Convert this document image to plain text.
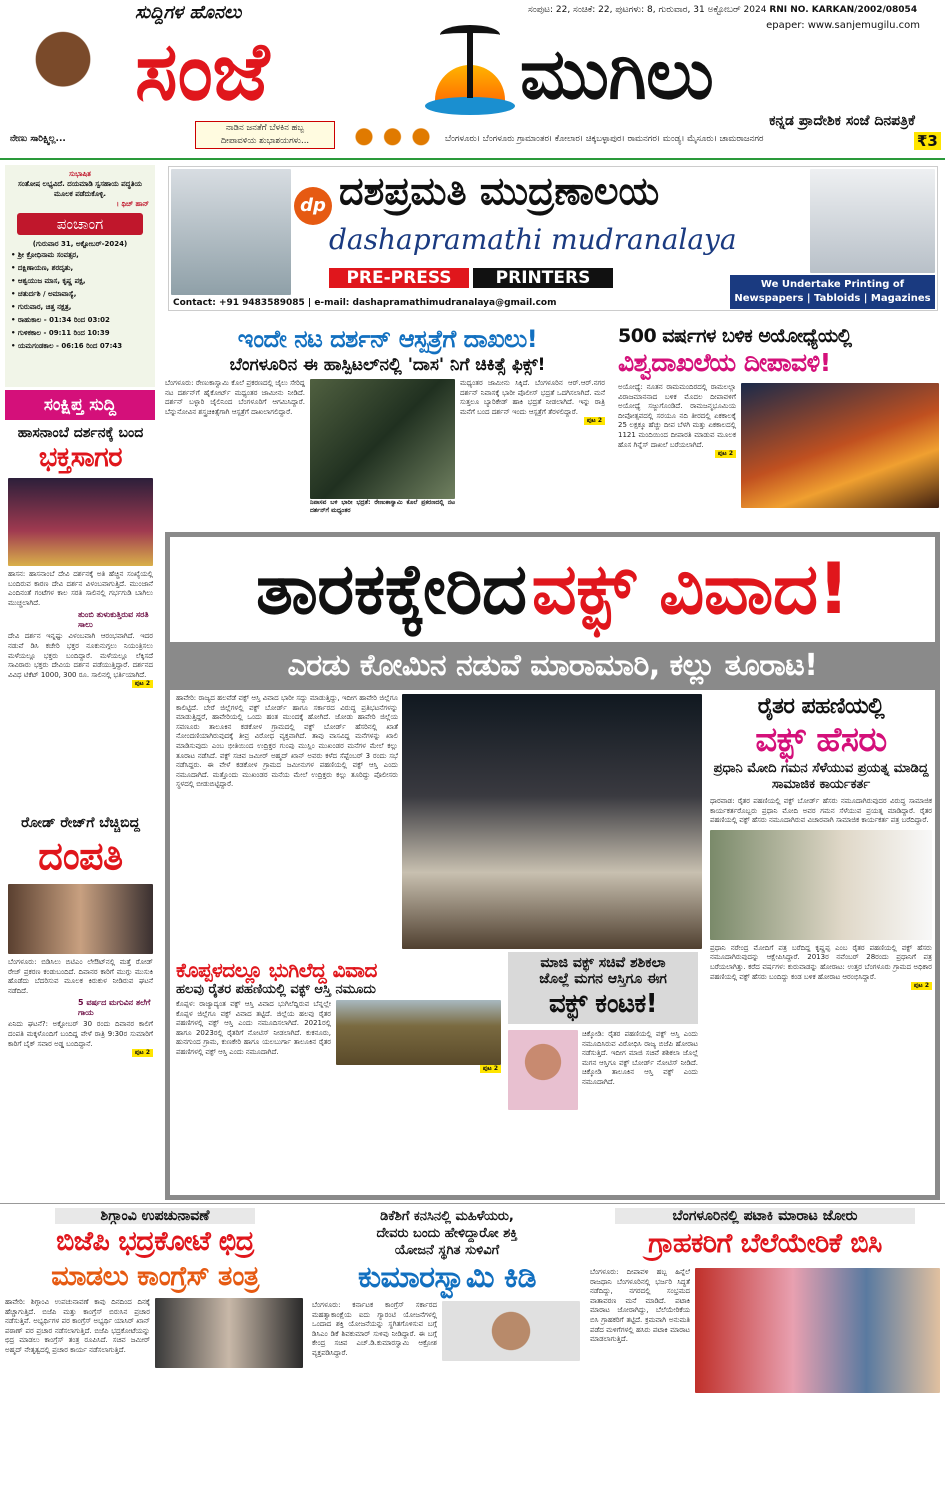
ನೇಣು ಸಾರಿಕ್ಷ್ವಿಲ್ಲ...
ಸುದ್ದಿಗಳ ಹೊನಲು
ಸಂಜೆ	ಮುಗಿಲು
ಸಂಪುಟ: 22, ಸಂಚಿಕೆ: 22, ಪುಟಗಳು: 8, ಗುರುವಾರ, 31 ಅಕ್ಟೋಬರ್ 2024 RNI NO. KARKAN/2002/08054
epaper: www.sanjemugilu.com
ನಾಡಿನ ಜನತೆಗೆ ಬೆಳಕಿನ ಹಬ್ಬ
ದೀಪಾವಳಿಯ ಶುಭಾಶಯಗಳು...
ಕನ್ನಡ ಪ್ರಾದೇಶಿಕ ಸಂಜೆ ದಿನಪತ್ರಿಕೆ
ಬೆಂಗಳೂರು। ಬೆಂಗಳೂರು ಗ್ರಾಮಾಂತರ। ಕೋಲಾರ। ಚಿಕ್ಕಬಳ್ಳಾಪುರ। ರಾಮನಗರ। ಮಂಡ್ಯ। ಮೈಸೂರು। ಚಾಮರಾಜನಗರ	₹3
ಸುಭಾಷಿತ
ಸಂತೋಷ ಲಭ್ಯವಿದೆ. ದಯಮಾಡಿ ಸ್ವಸಹಾಯ ಪದ್ಧತಿಯ ಮೂಲಕ ಪಡೆದುಕೊಳ್ಳಿ.
। ಥಿಚ್ ಹಾನ್
ಪಂಚಾಂಗ
(ಗುರುವಾರ 31, ಅಕ್ಟೋಬರ್-2024)
• ಶ್ರೀ ಕ್ರೋಧಿನಾಮ ಸಂವತ್ಸರ,
• ದಕ್ಷಿಣಾಯಣ, ಶರದೃತು,
• ಆಶ್ವಯುಜ ಮಾಸ, ಕೃಷ್ಣ ಪಕ್ಷ,
• ಚತುರ್ದಶಿ / ಅಮಾವಾಸ್ಯೆ,
• ಗುರುವಾರ, ಚಿತ್ತ ನಕ್ಷತ್ರ,
• ರಾಹುಕಾಲ - 01:34 ರಿಂದ 03:02
• ಗುಳಿಕಕಾಲ - 09:11 ರಿಂದ 10:39
• ಯಮಗಂಡಕಾಲ - 06:16 ರಿಂದ 07:43
ಸಂಕ್ಷಿಪ್ತ ಸುದ್ದಿ
ಹಾಸನಾಂಬೆ ದರ್ಶನಕ್ಕೆ ಬಂದ
ಭಕ್ತಸಾಗರ
ಹಾಸನ: ಹಾಸನಾಂಬೆ ದೇವಿ ದರ್ಶನಕ್ಕೆ ಅತಿ ಹೆಚ್ಚಿನ ಸಂಖ್ಯೆಯಲ್ಲಿ ಬಂದಿರುವ ಕಾರಣ ದೇವಿ ದರ್ಶನ ವಿಳಂಬವಾಗುತ್ತಿದೆ. ಮುಂಜಾನೆ ಎಂದಿನಂತೆ ಗಂಟೆಗಳ ಕಾಲ ಸರತಿ ಸಾಲಿನಲ್ಲಿ ಗರ್ಭಗುಡಿ ಬಾಗಿಲು ಮುಚ್ಚಲಾಗಿದೆ.
ತುಂಬಿ ತುಳುಕುತ್ತಿರುವ ಸರತಿ ಸಾಲು
ದೇವಿ ದರ್ಶನ ಇನ್ನಷ್ಟು ವಿಳಂಬವಾಗಿ ಆರಂಭವಾಗಿದೆ. ಇದರ ನಡುವೆ ಡಿಸಿ ಕಚೇರಿ ಭಕ್ತರ ನೂಕುನುಗ್ಗಲು ನಿಯಂತ್ರಿಸಲು ಮಳೆಯಲ್ಲೂ ಭಕ್ತರು ಬಂದಿದ್ದಾರೆ. ಮಳೆಯಲ್ಲೂ ಲೆಕ್ಕಿಸದೆ ಸಾವಿರಾರು ಭಕ್ತರು ದೇವಿಯ ದರ್ಶನ ಪಡೆಯುತ್ತಿದ್ದಾರೆ. ದರ್ಶನದ ವಿವಿಧ ಟಿಕೆಟ್ 1000, 300 ರೂ. ಸಾಲಿನಲ್ಲಿ ಭರ್ತಿಯಾಗಿದೆ.
ಪುಟ 2
ರೋಡ್ ರೇಜ್‌ಗೆ ಬೆಚ್ಚಿಬಿದ್ದ
ದಂಪತಿ
ಬೆಂಗಳೂರು: ಬಿಡಿಸಿಲು ಬಿಟಿಎಂ ಲೇಔಟ್‌ನಲ್ಲಿ ಮತ್ತೆ ರೋಡ್ ರೇಜ್ ಪ್ರಕರಣ ಕಂಡುಬಂದಿದೆ. ದಿವಾನರ ಕಾರಿಗೆ ಮುಗ್ಗು ಮುಸುಕಿ ಹೊಡೆದು ಬೆದರಿಸುವ ಮೂಲಕ ಕಿರುಕುಳ ನೀಡಿರುವ ಘಟನೆ ನಡೆದಿದೆ.
5 ವರ್ಷದ ಮಗುವಿನ ತಲೆಗೆ ಗಾಯ
ಏನಿದು ಘಟನೆ?: ಅಕ್ಟೋಬರ್ 30 ರಂದು ದಿವಾನರ ಕಾಲಿಗೆ ದಂಪತಿ ಮಕ್ಕಳೊಂದಿಗೆ ಬಂದಿದ್ದ ವೇಳೆ ರಾತ್ರಿ 9:30ರ ಸುಮಾರಿಗೆ ಕಾರಿಗೆ ಬೈಕ್ ಸವಾರ ಅಡ್ಡ ಬಂದಿದ್ದಾನೆ.
ಪುಟ 2
dp ದಶಪ್ರಮತಿ ಮುದ್ರಣಾಲಯ
dashapramathi mudranalaya
PRE-PRESS	PRINTERS
Contact: +91 9483589085 | e-mail: dashapramathimudranalaya@gmail.com
We Undertake Printing of
Newspapers | Tabloids | Magazines
ಇಂದೇ ನಟ ದರ್ಶನ್ ಆಸ್ಪತ್ರೆಗೆ ದಾಖಲು!
ಬೆಂಗಳೂರಿನ ಈ ಹಾಸ್ಪಿಟಲ್‌ನಲ್ಲಿ 'ದಾಸ' ನಿಗೆ ಚಿಕಿತ್ಸೆ ಫಿಕ್ಸ್!
ಬೆಂಗಳೂರು: ರೇಣುಕಾಸ್ವಾಮಿ ಕೊಲೆ ಪ್ರಕರಣದಲ್ಲಿ ಜೈಲು ಸೇರಿದ್ದ ನಟ ದರ್ಶನ್‌ಗೆ ಹೈಕೋರ್ಟ್ ಮಧ್ಯಂತರ ಜಾಮೀನು ನೀಡಿದೆ. ದರ್ಶನ್ ಬಳ್ಳಾರಿ ಜೈಲಿನಿಂದ ಬೆಂಗಳೂರಿಗೆ ಆಗಮಿಸಿದ್ದಾರೆ. ಬೆನ್ನುನೋವಿನ ಶಸ್ತ್ರಚಿಕಿತ್ಸೆಗಾಗಿ ಆಸ್ಪತ್ರೆಗೆ ದಾಖಲಾಗಲಿದ್ದಾರೆ.
ನಿಪಾಸವ ಬಳಿ ಭಾರೀ ಭದ್ರತೆ: ರೇಣುಕಾಸ್ವಾಮಿ ಕೊಲೆ ಪ್ರಕರಣದಲ್ಲಿ ನಟ ದರ್ಶನ್‌ಗೆ ಮಧ್ಯಂತರ
ಮಧ್ಯಂತರ ಜಾಮೀನು ಸಿಕ್ಕಿದೆ. ಬೆಂಗಳೂರಿನ ಆರ್.ಆರ್.ನಗರ ದರ್ಶನ್ ನಿವಾಸಕ್ಕೆ ಭಾರೀ ಪೊಲೀಸ್ ಭದ್ರತೆ ಒದಗಿಸಲಾಗಿದೆ. ಮನೆ ಸುತ್ತಲೂ ಬ್ಯಾರಿಕೇಡ್ ಹಾಕಿ ಭದ್ರತೆ ನೀಡಲಾಗಿದೆ. ಇನ್ನು ರಾತ್ರಿ ಮನೆಗೆ ಬಂದ ದರ್ಶನ್ ಇಂದು ಆಸ್ಪತ್ರೆಗೆ ತೆರಳಲಿದ್ದಾರೆ.
ಪುಟ 2
500 ವರ್ಷಗಳ ಬಳಿಕ ಅಯೋಧ್ಯೆಯಲ್ಲಿ
ವಿಶ್ವದಾಖಲೆಯ ದೀಪಾವಳಿ!
ಅಯೋಧ್ಯೆ: ನೂತನ ರಾಮಮಂದಿರದಲ್ಲಿ ರಾಮಲಲ್ಲಾ ವಿರಾಜಮಾನನಾದ ಬಳಿಕ ಮೊದಲ ದೀಪಾವಳಿಗೆ ಅಯೋಧ್ಯೆ ಸಜ್ಜುಗೊಂಡಿದೆ. ರಾಮಜನ್ಮಭೂಮಿಯ ದೀಪೋತ್ಸವದಲ್ಲಿ ಸರಯೂ ನದಿ ತೀರದಲ್ಲಿ ಏಕಕಾಲಕ್ಕೆ 25 ಲಕ್ಷಕ್ಕೂ ಹೆಚ್ಚು ದೀಪ ಬೆಳಗಿ ಮತ್ತು ಏಕಕಾಲದಲ್ಲಿ 1121 ಮಂದಿಯಿಂದ ದೀಪಾರತಿ ಮಾಡುವ ಮೂಲಕ ಹೊಸ ಗಿನ್ನೆಸ್ ದಾಖಲೆ ಬರೆಯಲಾಗಿದೆ.
ಪುಟ 2
ತಾರಕಕ್ಕೇರಿದ ವಕ್ಫ್ ವಿವಾದ!
ಎರಡು ಕೋಮಿನ ನಡುವೆ ಮಾರಾಮಾರಿ, ಕಲ್ಲು ತೂರಾಟ!
ಹಾವೇರಿ: ರಾಜ್ಯದ ಹಲವೆಡೆ ವಕ್ಫ್ ಆಸ್ತಿ ವಿವಾದ ಭಾರೀ ಸದ್ದು ಮಾಡುತ್ತಿದ್ದು, ಇದೀಗ ಹಾವೇರಿ ಜಿಲ್ಲೆಗೂ ಕಾಲಿಟ್ಟಿದೆ. ಬೇರೆ ಜಿಲ್ಲೆಗಳಲ್ಲಿ ವಕ್ಫ್ ಬೋರ್ಡ್ ಹಾಗೂ ಸರ್ಕಾರದ ವಿರುದ್ಧ ಪ್ರತಿಭಟನೆಗಳನ್ನು ಮಾಡುತ್ತಿದ್ದರೆ, ಹಾವೇರಿಯಲ್ಲಿ ಒಂದು ಹಂತ ಮುಂದಕ್ಕೆ ಹೋಗಿದೆ. ಜೋಡು ಹಾವೇರಿ ಜಿಲ್ಲೆಯ ಸವಣೂರು ತಾಲೂಕಿನ ಕಡಕೋಳ ಗ್ರಾಮದಲ್ಲಿ ವಕ್ಫ್ ಬೋರ್ಡ್ ಹೆಸರಿನಲ್ಲಿ ಖಾತೆ ನೋಂದಣಿಯಾಗಿರುವುದಕ್ಕೆ ತೀವ್ರ ವಿರೋಧ ವ್ಯಕ್ತವಾಗಿದೆ. ತಾವು ವಾಸವಿದ್ದ ಮನೆಗಳನ್ನು ಖಾಲಿ ಮಾಡಿಸುವುದು ಎಂಬ ಭೀತಿಯಿಂದ ಉದ್ರಿಕ್ತರ ಗುಂಪು ಮುಸ್ಲಿಂ ಮುಖಂಡರ ಮನೆಗಳ ಮೇಲೆ ಕಲ್ಲು ತೂರಾಟ ನಡೆಸಿದೆ. ವಕ್ಫ್ ಸಚಿವ ಜಮೀರ್ ಅಹ್ಮದ್ ಖಾನ್ ಅವರು ಕಳೆದ ಸೆಪ್ಟೆಂಬರ್ 3 ರಂದು ಸಭೆ ನಡೆಸಿದ್ದರು. ಈ ವೇಳೆ ಕಡಕೋಳ ಗ್ರಾಮದ ಜಮೀನುಗಳ ಪಹಣಿಯಲ್ಲಿ ವಕ್ಫ್ ಆಸ್ತಿ ಎಂದು ನಮೂದಾಗಿದೆ. ಮತ್ತೊಂದು ಮುಖಂಡರ ಮನೆಯ ಮೇಲೆ ಉದ್ರಿಕ್ತರು ಕಲ್ಲು ತೂರಿದ್ದು ಪೊಲೀಸರು ಸ್ಥಳದಲ್ಲಿ ಬೀಡುಬಿಟ್ಟಿದ್ದಾರೆ.
ರೈತರ ಪಹಣಿಯಲ್ಲಿ
ವಕ್ಫ್ ಹೆಸರು
ಪ್ರಧಾನಿ ಮೋದಿ ಗಮನ ಸೆಳೆಯುವ ಪ್ರಯತ್ನ ಮಾಡಿದ್ದ ಸಾಮಾಜಿಕ ಕಾರ್ಯಕರ್ತ
ಧಾರವಾಡ: ರೈತರ ಪಹಣಿಯಲ್ಲಿ ವಕ್ಫ್ ಬೋರ್ಡ್ ಹೆಸರು ನಮೂದಾಗಿರುವುದರ ವಿರುದ್ಧ ಸಾಮಾಜಿಕ ಕಾರ್ಯಕರ್ತರೊಬ್ಬರು ಪ್ರಧಾನಿ ಮೋದಿ ಅವರ ಗಮನ ಸೆಳೆಯುವ ಪ್ರಯತ್ನ ಮಾಡಿದ್ದಾರೆ. ರೈತರ ಪಹಣಿಯಲ್ಲಿ ವಕ್ಫ್ ಹೆಸರು ನಮೂದಾಗಿರುವ ವಿಚಾರವಾಗಿ ಸಾಮಾಜಿಕ ಕಾರ್ಯಕರ್ತ ಪತ್ರ ಬರೆದಿದ್ದಾರೆ.
ಪ್ರಧಾನಿ ನರೇಂದ್ರ ಮೋದಿಗೆ ಪತ್ರ ಬರೆದಿದ್ದ ಕೃಷ್ಣಪ್ಪ ಎಂಬ ರೈತರ ಪಹಣಿಯಲ್ಲಿ ವಕ್ಫ್ ಹೆಸರು ನಮೂದಾಗಿರುವುದನ್ನು ಆಕ್ಷೇಪಿಸಿದ್ದಾರೆ. 2013ರ ನವೆಂಬರ್ 28ರಂದು ಪ್ರಧಾನಿಗೆ ಪತ್ರ ಬರೆಯಲಾಗಿತ್ತು. ಕರೆದ ವರ್ಷಗಳ: ಕುರುವಾಡನ್ನು ಹೋರಾಟ: ಉತ್ತರ ಬೆಂಗಳೂರು ಗ್ರಾಮದ ಅಧಿಕಾರ ಪಹಣಿಯಲ್ಲಿ ವಕ್ಫ್ ಹೆಸರು ಬಂದಿದ್ದು ಕಂಡ ಬಳಿಕ ಹೋರಾಟ ಆರಂಭಿಸಿದ್ದಾರೆ.
ಪುಟ 2
ಕೊಪ್ಪಳದಲ್ಲೂ ಭುಗಿಲೆದ್ದ ವಿವಾದ
ಹಲವು ರೈತರ ಪಹಣಿಯಲ್ಲಿ ವಕ್ಫ್ ಆಸ್ತಿ ನಮೂದು
ಕೊಪ್ಪಳ: ರಾಜ್ಯಾದ್ಯಂತ ವಕ್ಫ್ ಆಸ್ತಿ ವಿವಾದ ಭುಗಿಲೆದ್ದಿರುವ ಬೆನ್ನಲ್ಲೇ ಕೊಪ್ಪಳ ಜಿಲ್ಲೆಗೂ ವಕ್ಫ್ ವಿವಾದ ತಟ್ಟಿದೆ. ಜಿಲ್ಲೆಯ ಹಲವು ರೈತರ ಪಹಣಿಗಳಲ್ಲಿ ವಕ್ಫ್ ಆಸ್ತಿ ಎಂದು ನಮೂದಿಸಲಾಗಿದೆ. 2021ರಲ್ಲಿ ಹಾಗೂ 2023ರಲ್ಲಿ ರೈತರಿಗೆ ನೋಟಿಸ್ ನೀಡಲಾಗಿದೆ. ಕುಕನೂರು, ಹುನಗುಂದ ಗ್ರಾಮ, ಕುಣಕೇರಿ ಹಾಗೂ ಯಲಬುರ್ಗಾ ತಾಲೂಕಿನ ರೈತರ ಪಹಣಿಗಳಲ್ಲಿ ವಕ್ಫ್ ಆಸ್ತಿ ಎಂದು ನಮೂದಾಗಿದೆ.
ಪುಟ 2
ಮಾಜಿ ವಕ್ಫ್ ಸಚಿವೆ ಶಶಿಕಲಾ
ಜೊಲ್ಲೆ ಮಗನ ಆಸ್ತಿಗೂ ಈಗ
ವಕ್ಫ್ ಕಂಟಕ!
ಚಿಕ್ಕೋಡಿ: ರೈತರ ಪಹಣಿಯಲ್ಲಿ ವಕ್ಫ್ ಆಸ್ತಿ ಎಂದು ನಮೂದಿಸಿರುವ ವಿರೋಧಿಸಿ ರಾಜ್ಯ ಬಿಜೆಪಿ ಹೋರಾಟ ನಡೆಸುತ್ತಿದೆ. ಇದೀಗ ಮಾಜಿ ಸಚಿವೆ ಶಶಿಕಲಾ ಜೊಲ್ಲೆ ಮಗನ ಆಸ್ತಿಗೂ ವಕ್ಫ್ ಬೋರ್ಡ್ ನೋಟಿಸ್ ನೀಡಿದೆ. ಚಿಕ್ಕೋಡಿ ತಾಲೂಕಿನ ಆಸ್ತಿ ವಕ್ಫ್ ಎಂದು ನಮೂದಾಗಿದೆ.
ಶಿಗ್ಗಾಂವಿ ಉಪಚುನಾವಣೆ
ಬಿಜೆಪಿ ಭದ್ರಕೋಟೆ ಛಿದ್ರ
ಮಾಡಲು ಕಾಂಗ್ರೆಸ್ ತಂತ್ರ
ಹಾವೇರಿ: ಶಿಗ್ಗಾಂವಿ ಉಪಚುನಾವಣೆ ಕಾವು ದಿನದಿಂದ ದಿನಕ್ಕೆ ಹೆಚ್ಚಾಗುತ್ತಿದೆ. ಬಿಜೆಪಿ ಮತ್ತು ಕಾಂಗ್ರೆಸ್ ಬಿರುಸಿನ ಪ್ರಚಾರ ನಡೆಸುತ್ತಿವೆ. ಅಭ್ಯರ್ಥಿಗಳ ಪರ ಕಾಂಗ್ರೆಸ್ ಅಭ್ಯರ್ಥಿ ಯಾಸಿರ್ ಖಾನ್ ಪಠಾಣ್ ಪರ ಪ್ರಚಾರ ನಡೆಸಲಾಗುತ್ತಿದೆ. ಬಿಜೆಪಿ ಭದ್ರಕೋಟೆಯನ್ನು ಛಿದ್ರ ಮಾಡಲು ಕಾಂಗ್ರೆಸ್ ತಂತ್ರ ರೂಪಿಸಿದೆ. ಸಚಿವ ಜಮೀರ್ ಅಹ್ಮದ್ ನೇತೃತ್ವದಲ್ಲಿ ಪ್ರಚಾರ ಕಾರ್ಯ ನಡೆಸಲಾಗುತ್ತಿದೆ.
ಡಿಕೆಶಿಗೆ ಕನಸಿನಲ್ಲಿ ಮಹಿಳೆಯರು,
ದೇವರು ಬಂದು ಹೇಳಿದ್ದಾರೋ ಶಕ್ತಿ
ಯೋಜನೆ ಸ್ಥಗಿತ ಸುಳಿವಿಗೆ
ಕುಮಾರಸ್ವಾಮಿ ಕಿಡಿ
ಬೆಂಗಳೂರು: ಕರ್ನಾಟಕ ಕಾಂಗ್ರೆಸ್ ಸರ್ಕಾರದ ಮಹತ್ವಾಕಾಂಕ್ಷೆಯ ಐದು ಗ್ಯಾರಂಟಿ ಯೋಜನೆಗಳಲ್ಲಿ ಒಂದಾದ ಶಕ್ತಿ ಯೋಜನೆಯನ್ನು ಸ್ಥಗಿತಗೊಳಿಸುವ ಬಗ್ಗೆ ಡಿಸಿಎಂ ಡಿಕೆ ಶಿವಕುಮಾರ್ ಸುಳಿವು ನೀಡಿದ್ದಾರೆ. ಈ ಬಗ್ಗೆ ಕೇಂದ್ರ ಸಚಿವ ಎಚ್.ಡಿ.ಕುಮಾರಸ್ವಾಮಿ ಆಕ್ರೋಶ ವ್ಯಕ್ತಪಡಿಸಿದ್ದಾರೆ.
ಬೆಂಗಳೂರಿನಲ್ಲಿ ಪಟಾಕಿ ಮಾರಾಟ ಜೋರು
ಗ್ರಾಹಕರಿಗೆ ಬೆಲೆಯೇರಿಕೆ ಬಿಸಿ
ಬೆಂಗಳೂರು: ದೀಪಾವಳಿ ಹಬ್ಬ ಹಿನ್ನೆಲೆ ರಾಜಧಾನಿ ಬೆಂಗಳೂರಿನಲ್ಲಿ ಭರ್ಜರಿ ಸಿದ್ಧತೆ ನಡೆದಿದ್ದು, ನಗರದಲ್ಲಿ ಸಂಭ್ರಮದ ವಾತಾವರಣ ಮನೆ ಮಾಡಿದೆ. ಪಟಾಕಿ ಮಾರಾಟ ಜೋರಾಗಿದ್ದು, ಬೆಲೆಯೇರಿಕೆಯ ಬಿಸಿ ಗ್ರಾಹಕರಿಗೆ ತಟ್ಟಿದೆ. ಕ್ರಮವಾಗಿ ಅನುಮತಿ ಪಡೆದ ಮಳಿಗೆಗಳಲ್ಲಿ ಹಸಿರು ಪಟಾಕಿ ಮಾರಾಟ ಮಾಡಲಾಗುತ್ತಿದೆ.
